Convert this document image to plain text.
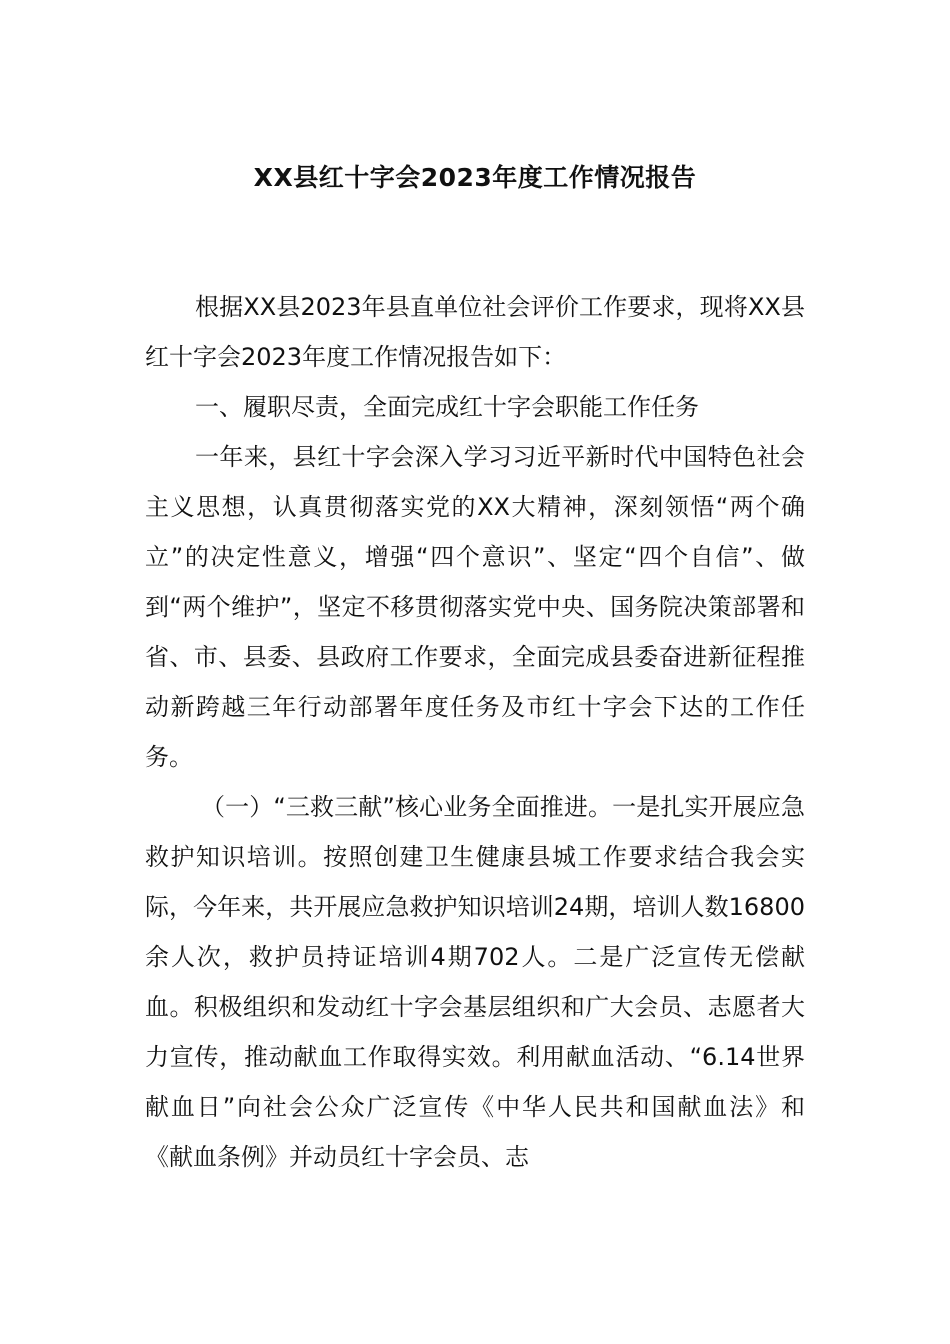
XX县红十字会2023年度工作情况报告

根据XX县2023年县直单位社会评价工作要求，现将XX县红十字会2023年度工作情况报告如下：

一、履职尽责，全面完成红十字会职能工作任务

一年来，县红十字会深入学习习近平新时代中国特色社会主义思想，认真贯彻落实党的XX大精神，深刻领悟“两个确立”的决定性意义，增强“四个意识”、坚定“四个自信”、做到“两个维护”，坚定不移贯彻落实党中央、国务院决策部署和省、市、县委、县政府工作要求，全面完成县委奋进新征程推动新跨越三年行动部署年度任务及市红十字会下达的工作任务。

（一）“三救三献”核心业务全面推进。一是扎实开展应急救护知识培训。按照创建卫生健康县城工作要求结合我会实际，今年来，共开展应急救护知识培训24期，培训人数16800余人次，救护员持证培训4期702人。二是广泛宣传无偿献血。积极组织和发动红十字会基层组织和广大会员、志愿者大力宣传，推动献血工作取得实效。利用献血活动、“6.14世界献血日”向社会公众广泛宣传《中华人民共和国献血法》和《献血条例》并动员红十字会员、志
